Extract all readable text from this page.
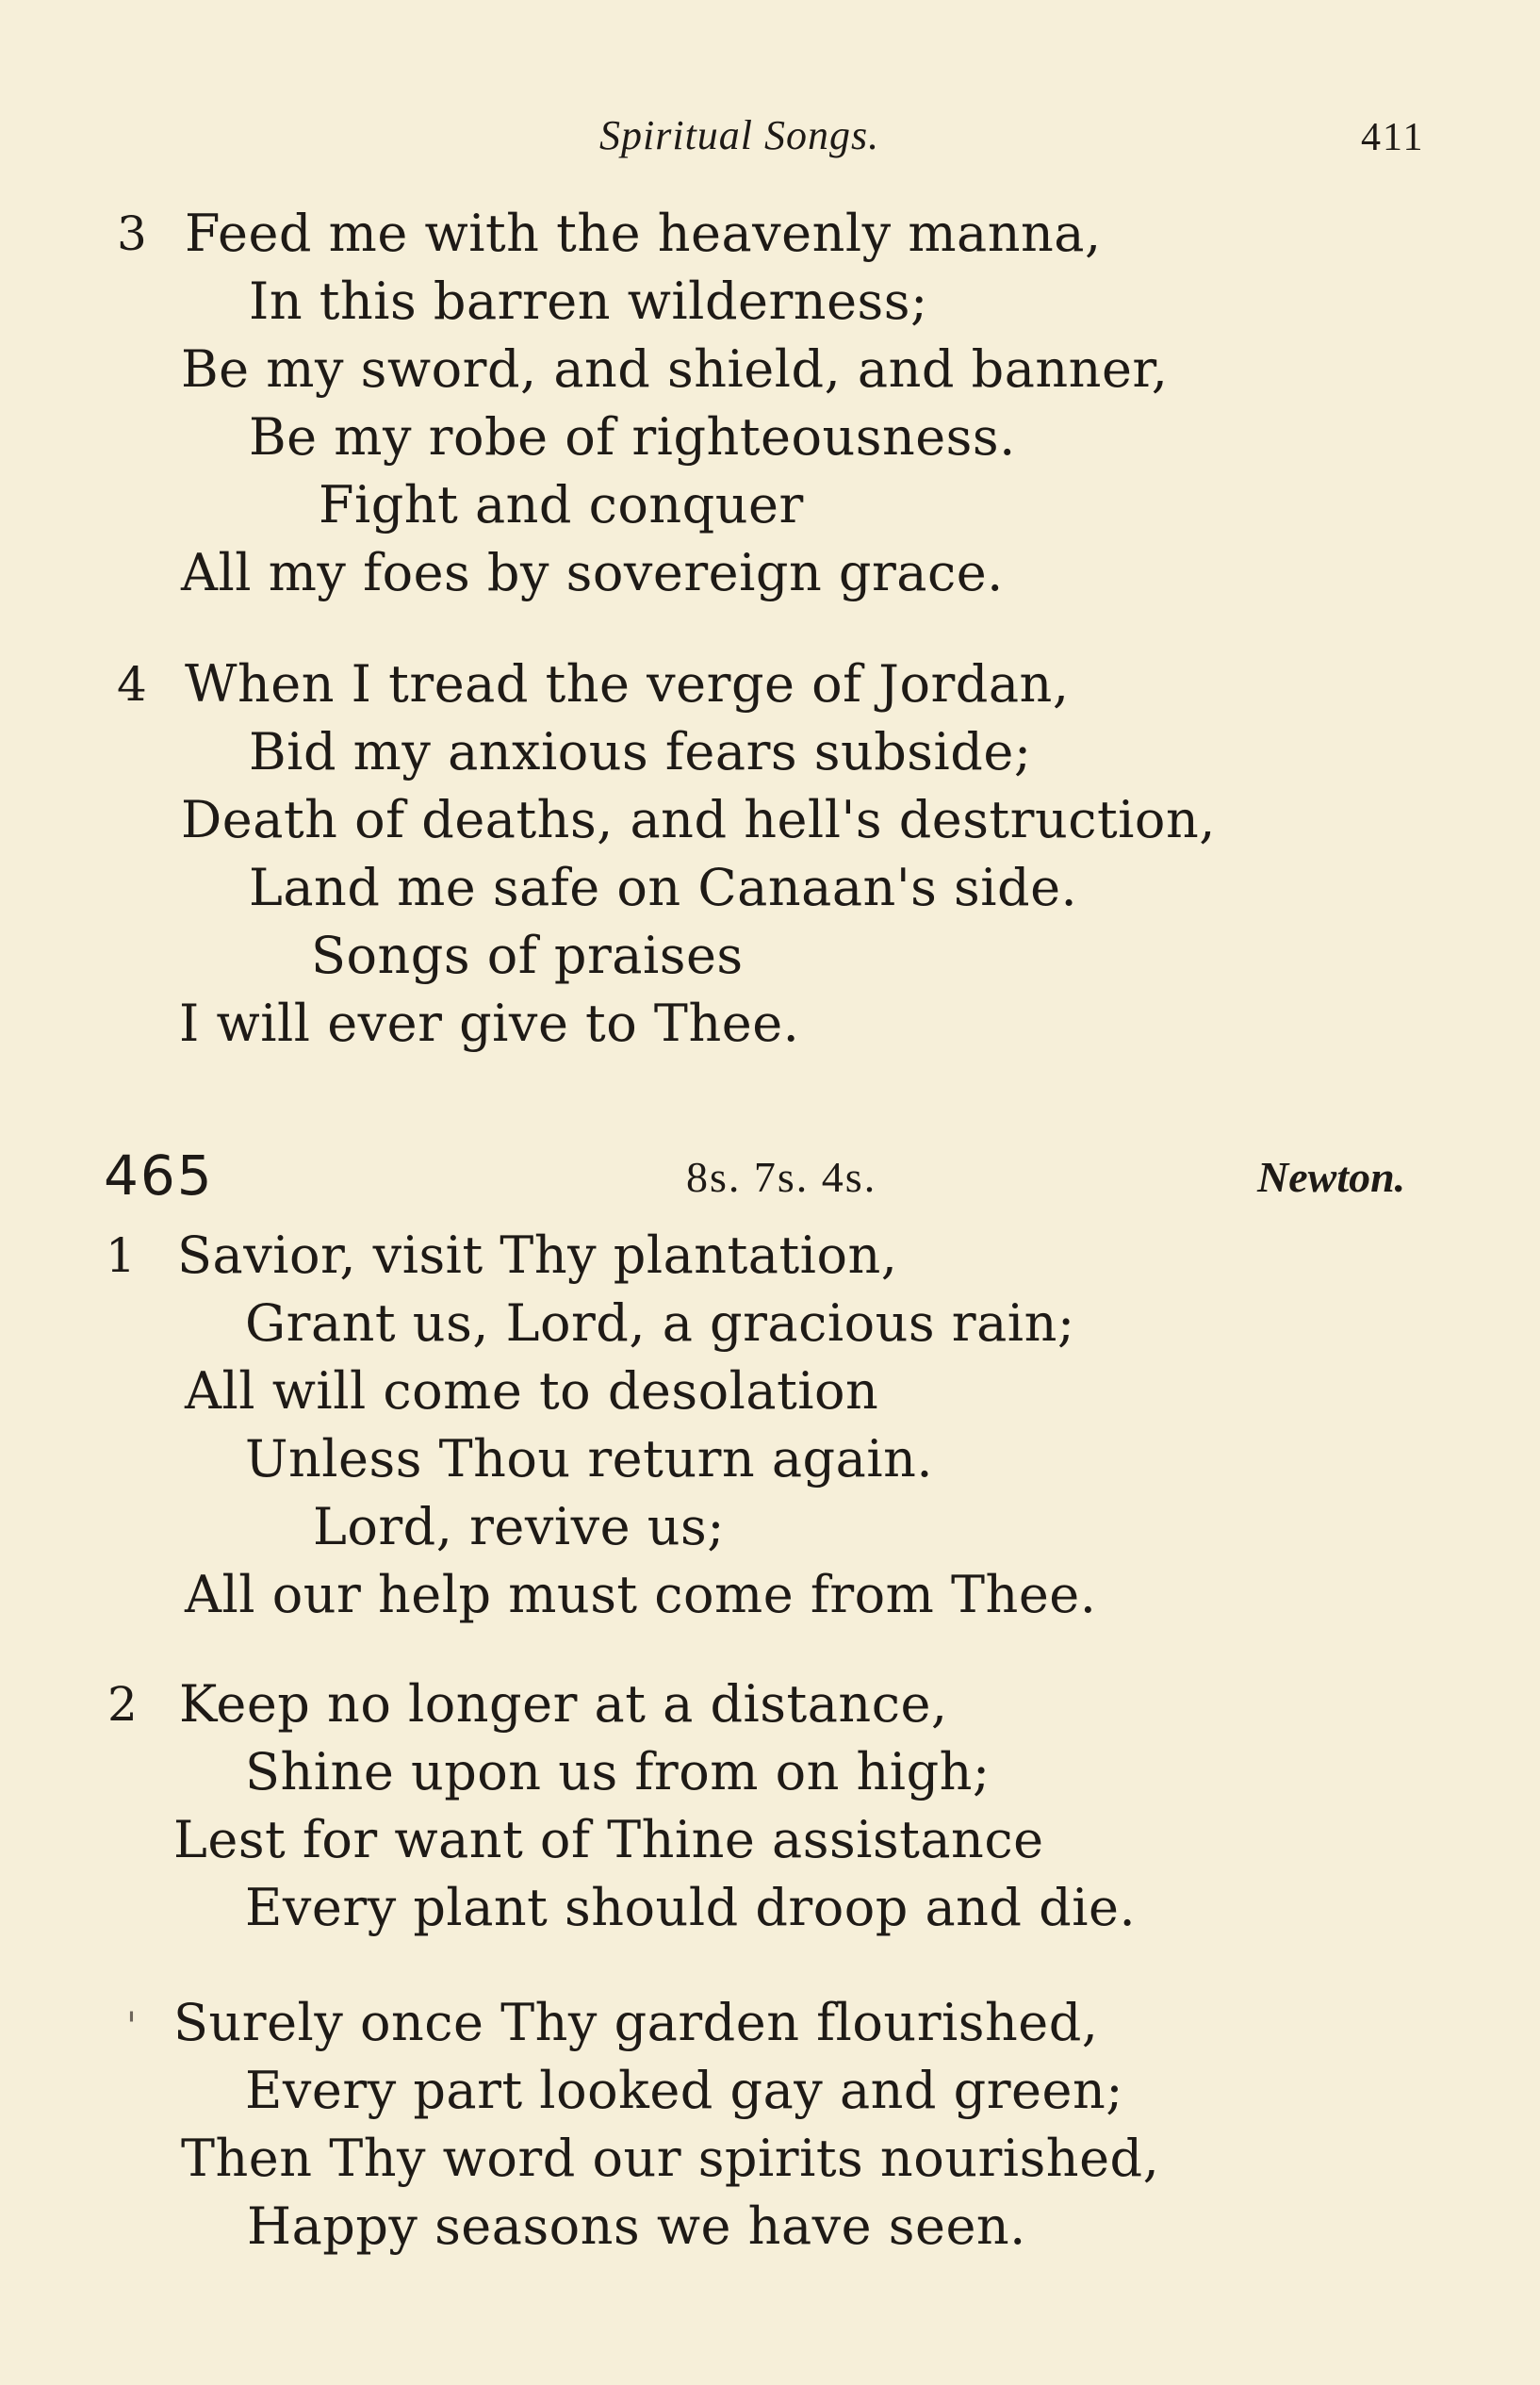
Spiritual Songs.	411
3 Feed me with the heavenly manna,
In this barren wilderness;
Be my sword, and shield, and banner,
Be my robe of righteousness.
Fight and conquer
All my foes by sovereign grace.
4 When I tread the verge of Jordan,
Bid my anxious fears subside;
Death of deaths, and hell's destruction,
Land me safe on Canaan's side.
Songs of praises
I will ever give to Thee.
465	8s. 7s. 4s.	Newton.
1 Savior, visit Thy plantation,
Grant us, Lord, a gracious rain;
All will come to desolation
Unless Thou return again.
Lord, revive us;
All our help must come from Thee.
2 Keep no longer at a distance,
Shine upon us from on high;
Lest for want of Thine assistance
Every plant should droop and die.
' Surely once Thy garden flourished,
Every part looked gay and green;
Then Thy word our spirits nourished,
Happy seasons we have seen.
